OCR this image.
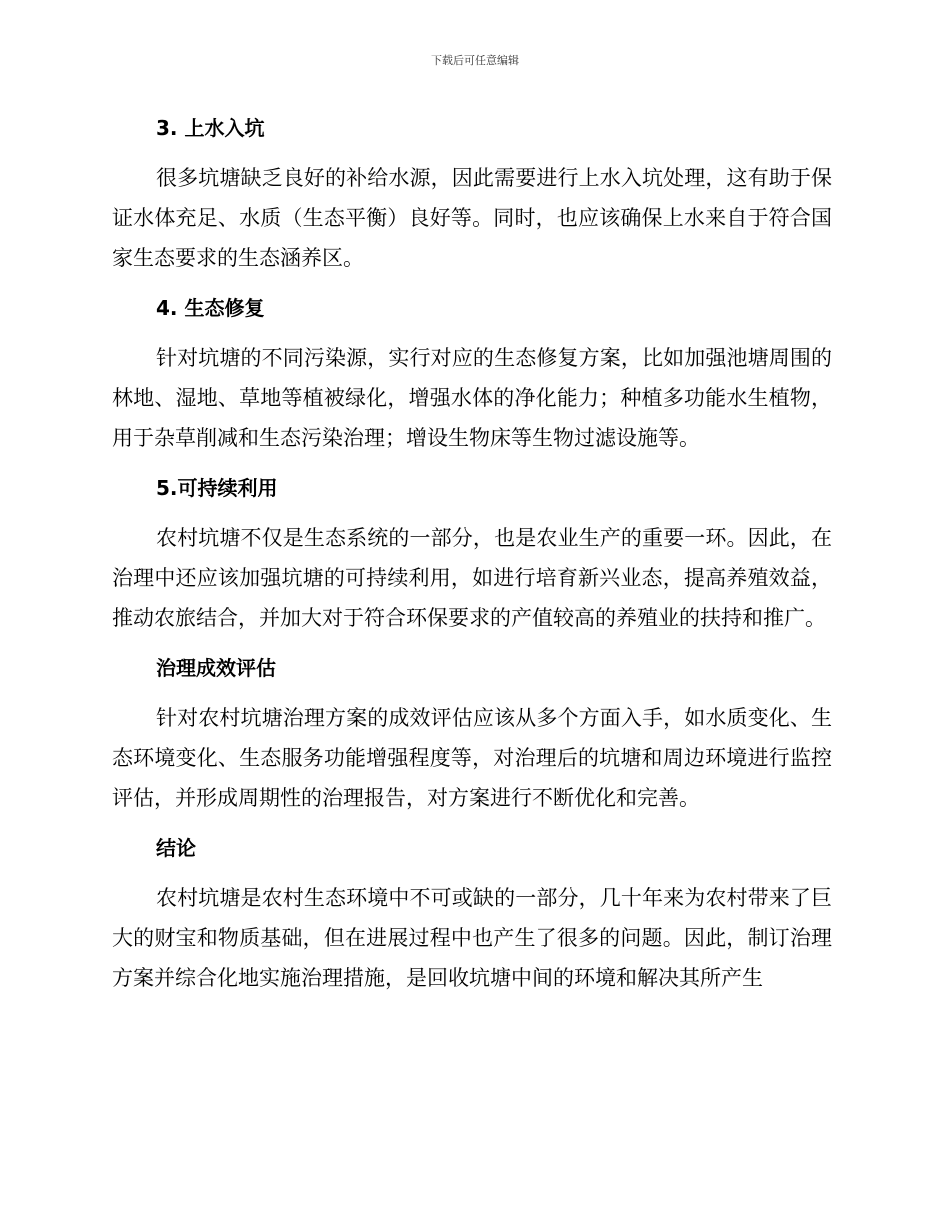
下载后可任意编辑
3. 上水入坑

很多坑塘缺乏良好的补给水源，因此需要进行上水入坑处理，这有助于保证水体充足、水质（生态平衡）良好等。同时，也应该确保上水来自于符合国家生态要求的生态涵养区。

4. 生态修复

针对坑塘的不同污染源，实行对应的生态修复方案，比如加强池塘周围的林地、湿地、草地等植被绿化，增强水体的净化能力；种植多功能水生植物，用于杂草削减和生态污染治理；增设生物床等生物过滤设施等。

5.可持续利用

农村坑塘不仅是生态系统的一部分，也是农业生产的重要一环。因此，在治理中还应该加强坑塘的可持续利用，如进行培育新兴业态，提高养殖效益，推动农旅结合，并加大对于符合环保要求的产值较高的养殖业的扶持和推广。

治理成效评估

针对农村坑塘治理方案的成效评估应该从多个方面入手，如水质变化、生态环境变化、生态服务功能增强程度等，对治理后的坑塘和周边环境进行监控评估，并形成周期性的治理报告，对方案进行不断优化和完善。

结论

农村坑塘是农村生态环境中不可或缺的一部分，几十年来为农村带来了巨大的财宝和物质基础，但在进展过程中也产生了很多的问题。因此，制订治理方案并综合化地实施治理措施，是回收坑塘中间的环境和解决其所产生
